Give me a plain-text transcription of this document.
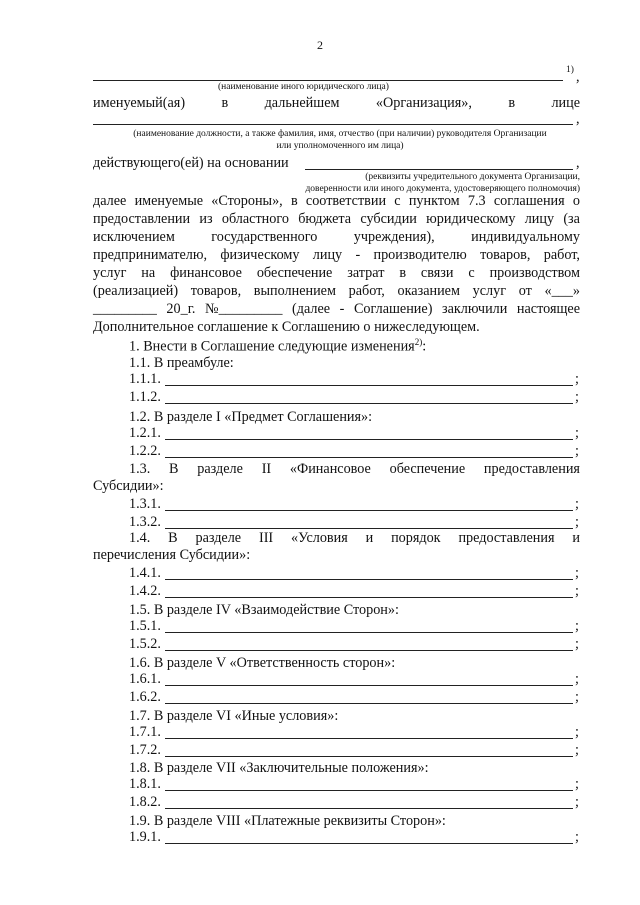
2
1) ,
(наименование иного юридического лица)
именуемый(ая)	в	дальнейшем	«Организация»,	в	лице
,
(наименование должности, а также фамилия, имя, отчество (при наличии) руководителя Организации
или уполномоченного им лица)
действующего(ей) на основании	,
(реквизиты учредительного документа Организации,
доверенности или иного документа, удостоверяющего полномочия)
далее именуемые «Стороны», в соответствии с пунктом 7.3 соглашения о
предоставлении из областного бюджета субсидии юридическому лицу (за
исключением	государственного	учреждения),	индивидуальному
предпринимателю, физическому лицу - производителю товаров, работ,
услуг на финансовое обеспечение затрат в связи с производством
(реализацией) товаров, выполнением работ, оказанием услуг от «___»
_________ 20_г. №_________ (далее - Соглашение) заключили настоящее
Дополнительное соглашение к Соглашению о нижеследующем.
1. Внести в Соглашение следующие изменения$^{2)}$:
1.1. В преамбуле:
1.1.1.	;
1.1.2.	;
1.2. В разделе I «Предмет Соглашения»:
1.2.1.	;
1.2.2.	;
1.3. В разделе II «Финансовое обеспечение предоставления
Субсидии»:
1.3.1.	;
1.3.2.	;
1.4. В разделе III «Условия и порядок предоставления и
перечисления Субсидии»:
1.4.1.	;
1.4.2.	;
1.5. В разделе IV «Взаимодействие Сторон»:
1.5.1.	;
1.5.2.	;
1.6. В разделе V «Ответственность сторон»:
1.6.1.	;
1.6.2.	;
1.7. В разделе VI «Иные условия»:
1.7.1.	;
1.7.2.	;
1.8. В разделе VII «Заключительные положения»:
1.8.1.	;
1.8.2.	;
1.9. В разделе VIII «Платежные реквизиты Сторон»:
1.9.1.	;
